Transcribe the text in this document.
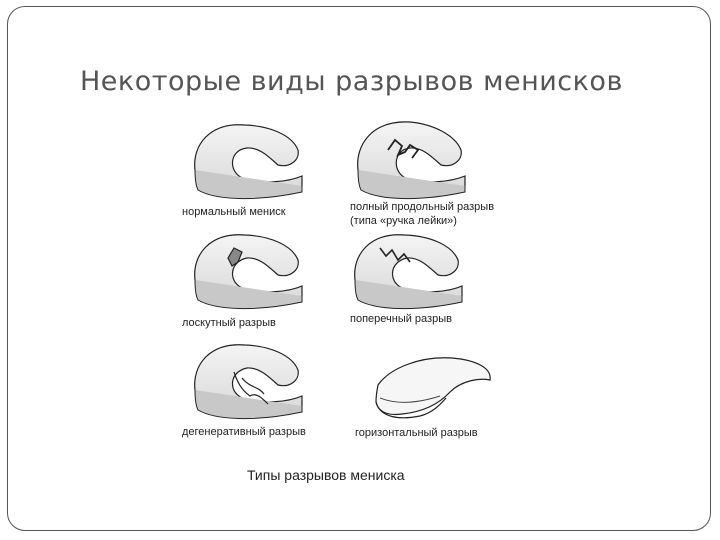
Некоторые виды разрывов менисков
нормальный мениск	полный продольный разрыв
(типа «ручка лейки»)
лоскутный разрыв	поперечный разрыв
дегенеративный разрыв	горизонтальный разрыв
Типы разрывов мениска
